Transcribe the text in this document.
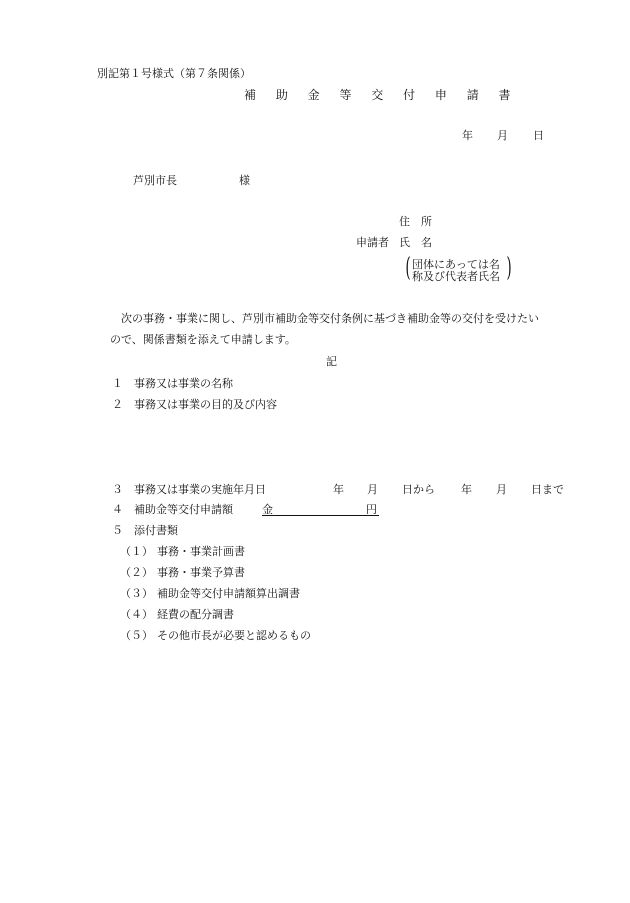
別記第１号様式（第７条関係）
補 助 金 等 交 付 申 請 書
年 月 日
芦別市長	様
住　所
申請者 氏　名
( 団体にあっては名
称及び代表者氏名 )
次の事務・事業に関し、芦別市補助金等交付条例に基づき補助金等の交付を受けたい
ので、関係書類を添えて申請します。
記
１ 事務又は事業の名称
２ 事務又は事業の目的及び内容
３ 事務又は事業の実施年月日	年 月 日から 年 月 日まで
４ 補助金等交付申請額	金	円
５ 添付書類
（１） 事務・事業計画書
（２） 事務・事業予算書
（３） 補助金等交付申請額算出調書
（４） 経費の配分調書
（５） その他市長が必要と認めるもの
